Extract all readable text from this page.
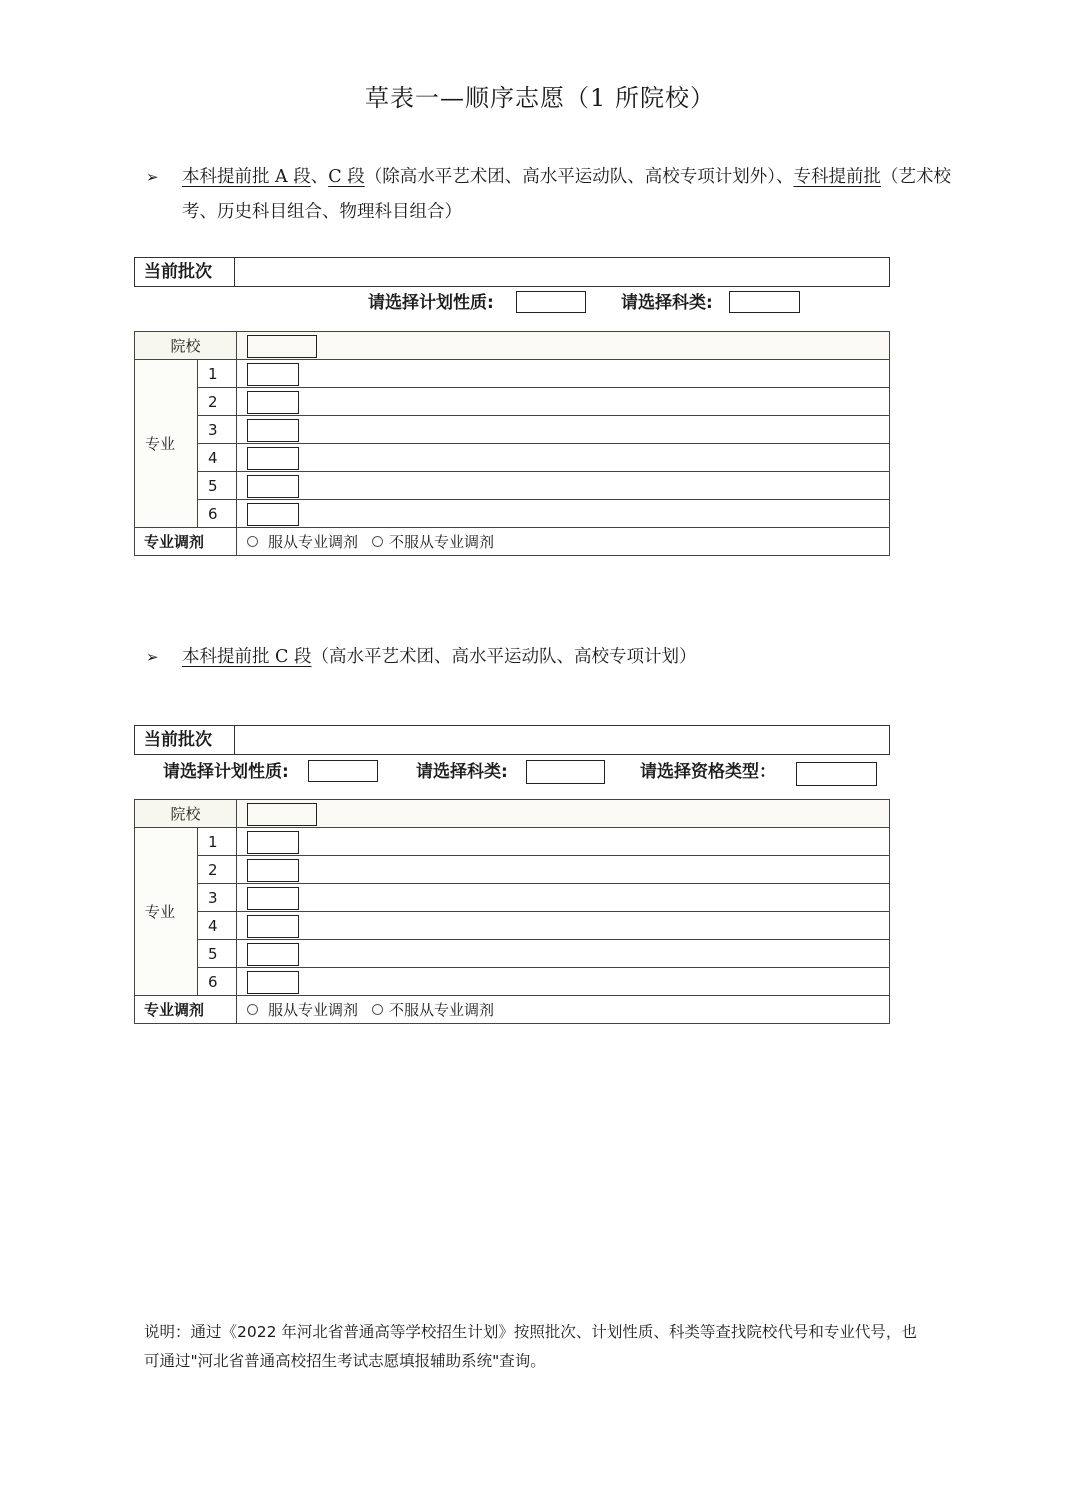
草表一—顺序志愿（1 所院校）
➢ 本科提前批 A 段、C 段（除高水平艺术团、高水平运动队、高校专项计划外）、专科提前批（艺术校考、历史科目组合、物理科目组合）
当前批次
请选择计划性质:	请选择科类:
院校		

专业	1	

	2	

	3	

	4	

	5	

	6	

专业调剂		服从专业调剂 不服从专业调剂
➢ 本科提前批 C 段（高水平艺术团、高水平运动队、高校专项计划）
当前批次
请选择计划性质:	请选择科类:	请选择资格类型：
院校		

专业	1	

	2	

	3	

	4	

	5	

	6	

专业调剂		服从专业调剂 不服从专业调剂
说明：通过《2022 年河北省普通高等学校招生计划》按照批次、计划性质、科类等查找院校代号和专业代号，也
可通过"河北省普通高校招生考试志愿填报辅助系统"查询。
